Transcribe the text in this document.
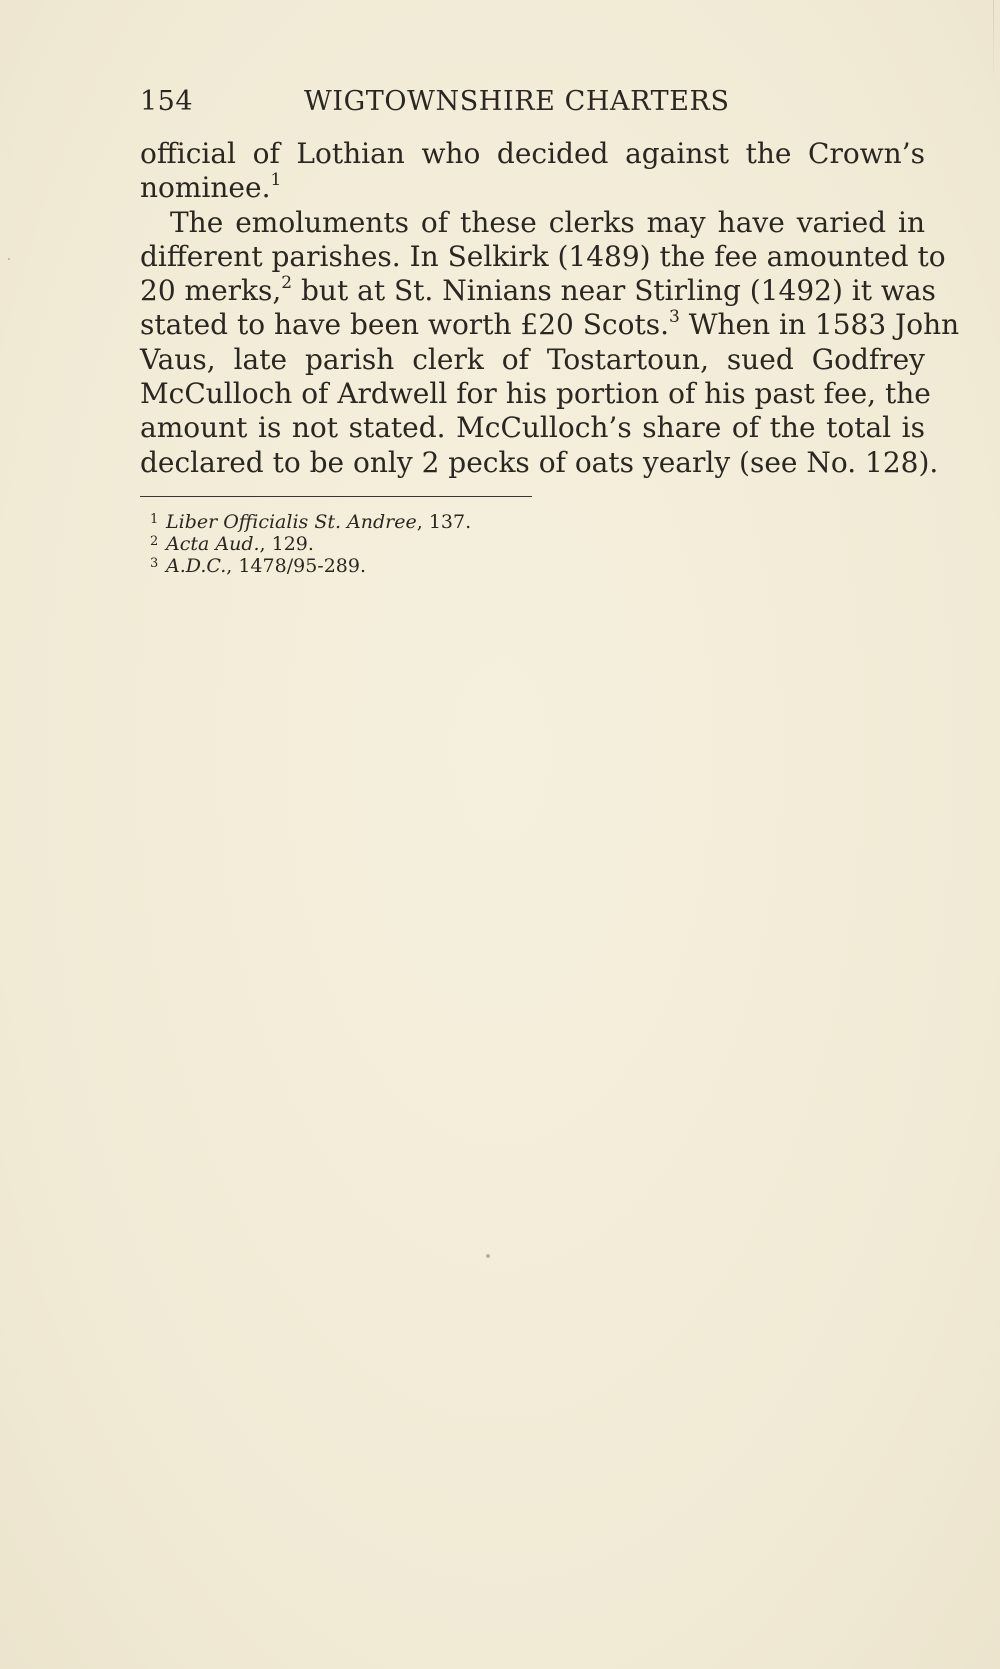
154	WIGTOWNSHIRE CHARTERS
official of Lothian who decided against the Crown’s
nominee.$^1$
The emoluments of these clerks may have varied in
different parishes. In Selkirk (1489) the fee amounted to
20 merks,$^2$ but at St. Ninians near Stirling (1492) it was
stated to have been worth £20 Scots.$^3$ When in 1583 John
Vaus, late parish clerk of Tostartoun, sued Godfrey
McCulloch of Ardwell for his portion of his past fee, the
amount is not stated. McCulloch’s share of the total is
declared to be only 2 pecks of oats yearly (see No. 128).
1 Liber Officialis St. Andree, 137.
2 Acta Aud., 129.
3 A.D.C., 1478/95-289.
